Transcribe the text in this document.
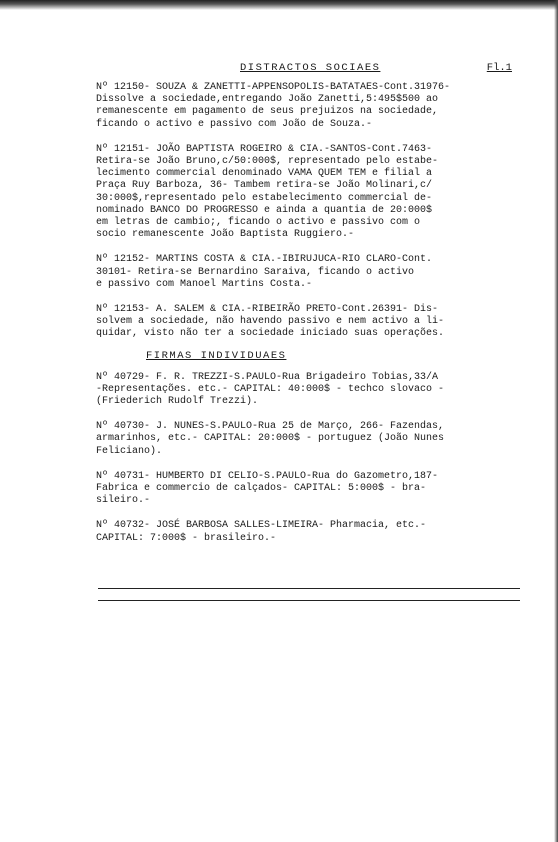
DISTRACTOS SOCIAES	Fl.1

Nº 12150- SOUZA & ZANETTI-APPENSOPOLIS-BATATAES-Cont.31976-
Dissolve a sociedade,entregando João Zanetti,5:495$500 ao
remanescente em pagamento de seus prejuizos na sociedade,
ficando o activo e passivo com João de Souza.-

Nº 12151- JOÃO BAPTISTA ROGEIRO & CIA.-SANTOS-Cont.7463-
Retira-se João Bruno,c/50:000$, representado pelo estabe-
lecimento commercial denominado VAMA QUEM TEM e filial a
Praça Ruy Barboza, 36- Tambem retira-se João Molinari,c/
30:000$,representado pelo estabelecimento commercial de-
nominado BANCO DO PROGRESSO e ainda a quantia de 20:000$
em letras de cambio;, ficando o activo e passivo com o
socio remanescente João Baptista Ruggiero.-

Nº 12152- MARTINS COSTA & CIA.-IBIRUJUCA-RIO CLARO-Cont.
30101- Retira-se Bernardino Saraiva, ficando o activo
e passivo com Manoel Martins Costa.-

Nº 12153- A. SALEM & CIA.-RIBEIRÃO PRETO-Cont.26391- Dis-
solvem a sociedade, não havendo passivo e nem activo a li-
quidar, visto não ter a sociedade iniciado suas operações.

FIRMAS INDIVIDUAES

Nº 40729- F. R. TREZZI-S.PAULO-Rua Brigadeiro Tobias,33/A
-Representações. etc.- CAPITAL: 40:000$ - techco slovaco -
(Friederich Rudolf Trezzi).

Nº 40730- J. NUNES-S.PAULO-Rua 25 de Março, 266- Fazendas,
armarinhos, etc.- CAPITAL: 20:000$ - portuguez (João Nunes
Feliciano).

Nº 40731- HUMBERTO DI CELIO-S.PAULO-Rua do Gazometro,187-
Fabrica e commercio de calçados- CAPITAL: 5:000$ - bra-
sileiro.-

Nº 40732- JOSÉ BARBOSA SALLES-LIMEIRA- Pharmacia, etc.-
CAPITAL: 7:000$ - brasileiro.-
